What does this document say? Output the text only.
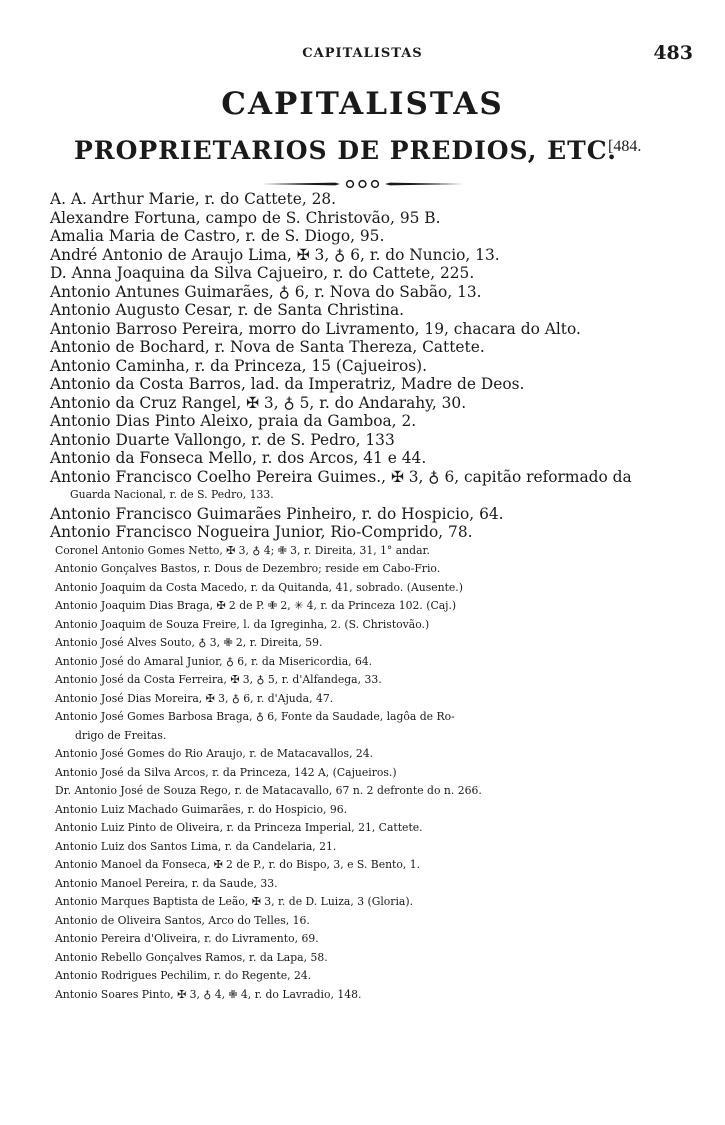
CAPITALISTAS	483
CAPITALISTAS
PROPRIETARIOS DE PREDIOS, ETC.
[484.
A. A. Arthur Marie, r. do Cattete, 28.
Alexandre Fortuna, campo de S. Christovão, 95 B.
Amalia Maria de Castro, r. de S. Diogo, 95.
André Antonio de Araujo Lima, ✠ 3, ♁ 6, r. do Nuncio, 13.
D. Anna Joaquina da Silva Cajueiro, r. do Cattete, 225.
Antonio Antunes Guimarães, ♁ 6, r. Nova do Sabão, 13.
Antonio Augusto Cesar, r. de Santa Christina.
Antonio Barroso Pereira, morro do Livramento, 19, chacara do Alto.
Antonio de Bochard, r. Nova de Santa Thereza, Cattete.
Antonio Caminha, r. da Princeza, 15 (Cajueiros).
Antonio da Costa Barros, lad. da Imperatriz, Madre de Deos.
Antonio da Cruz Rangel, ✠ 3, ♁ 5, r. do Andarahy, 30.
Antonio Dias Pinto Aleixo, praia da Gamboa, 2.
Antonio Duarte Vallongo, r. de S. Pedro, 133
Antonio da Fonseca Mello, r. dos Arcos, 41 e 44.
Antonio Francisco Coelho Pereira Guimes., ✠ 3, ♁ 6, capitão reformado da
Guarda Nacional, r. de S. Pedro, 133.
Antonio Francisco Guimarães Pinheiro, r. do Hospicio, 64.
Antonio Francisco Nogueira Junior, Rio-Comprido, 78.
Coronel Antonio Gomes Netto, ✠ 3, ♁ 4; ✙ 3, r. Direita, 31, 1° andar.
Antonio Gonçalves Bastos, r. Dous de Dezembro; reside em Cabo-Frio.
Antonio Joaquim da Costa Macedo, r. da Quitanda, 41, sobrado. (Ausente.)
Antonio Joaquim Dias Braga, ✠ 2 de P. ✙ 2, ✳ 4, r. da Princeza 102. (Caj.)
Antonio Joaquim de Souza Freire, l. da Igreginha, 2. (S. Christovão.)
Antonio José Alves Souto, ♁ 3, ✙ 2, r. Direita, 59.
Antonio José do Amaral Junior, ♁ 6, r. da Misericordia, 64.
Antonio José da Costa Ferreira, ✠ 3, ♁ 5, r. d'Alfandega, 33.
Antonio José Dias Moreira, ✠ 3, ♁ 6, r. d'Ajuda, 47.
Antonio José Gomes Barbosa Braga, ♁ 6, Fonte da Saudade, lagôa de Ro-
drigo de Freitas.
Antonio José Gomes do Rio Araujo, r. de Matacavallos, 24.
Antonio José da Silva Arcos, r. da Princeza, 142 A, (Cajueiros.)
Dr. Antonio José de Souza Rego, r. de Matacavallo, 67 n. 2 defronte do n. 266.
Antonio Luiz Machado Guimarães, r. do Hospicio, 96.
Antonio Luiz Pinto de Oliveira, r. da Princeza Imperial, 21, Cattete.
Antonio Luiz dos Santos Lima, r. da Candelaria, 21.
Antonio Manoel da Fonseca, ✠ 2 de P., r. do Bispo, 3, e S. Bento, 1.
Antonio Manoel Pereira, r. da Saude, 33.
Antonio Marques Baptista de Leão, ✠ 3, r. de D. Luiza, 3 (Gloria).
Antonio de Oliveira Santos, Arco do Telles, 16.
Antonio Pereira d'Oliveira, r. do Livramento, 69.
Antonio Rebello Gonçalves Ramos, r. da Lapa, 58.
Antonio Rodrigues Pechilim, r. do Regente, 24.
Antonio Soares Pinto, ✠ 3, ♁ 4, ✙ 4, r. do Lavradio, 148.
